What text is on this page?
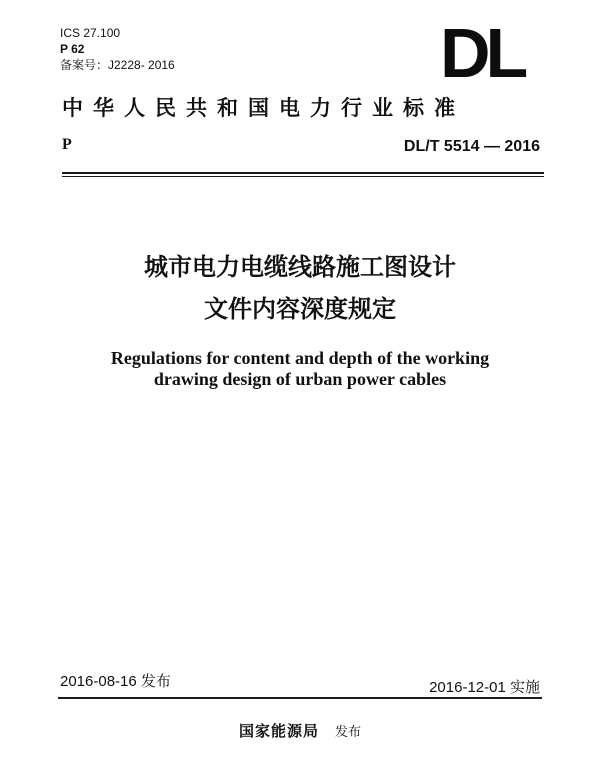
ICS 27.100
P 62
备案号：J2228- 2016	DL
中华人民共和国电力行业标准
P	DL/T 5514 — 2016
城市电力电缆线路施工图设计
文件内容深度规定
Regulations for content and depth of the working
drawing design of urban power cables
2016-08-16 发布	2016-12-01 实施
国家能源局 发布
